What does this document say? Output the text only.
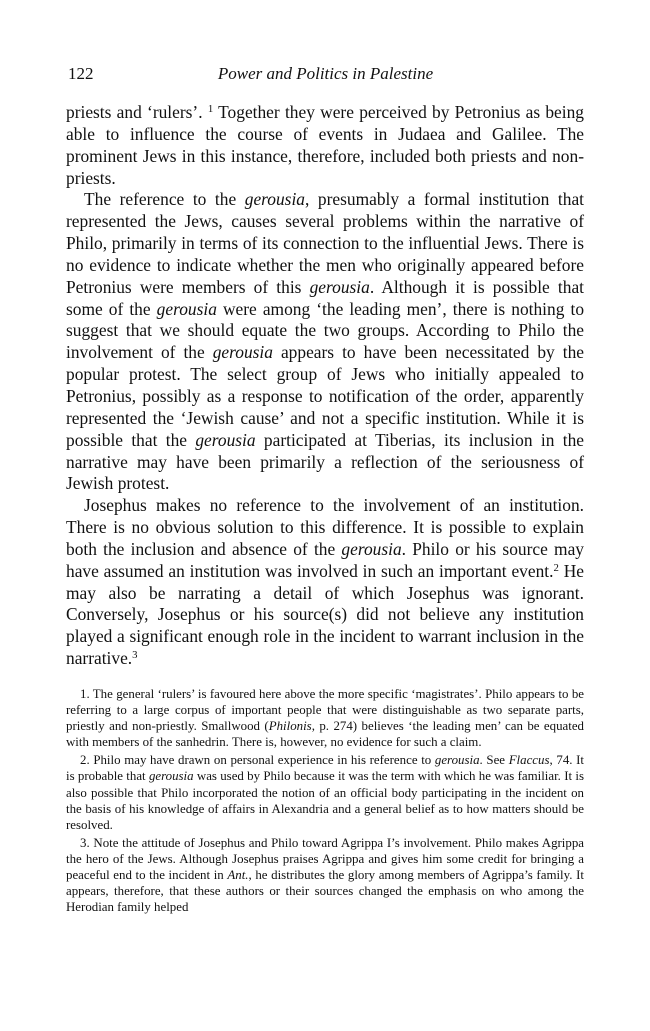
122	Power and Politics in Palestine

priests and ‘rulers’. $^1$ Together they were perceived by Petronius as being able to influence the course of events in Judaea and Galilee. The prominent Jews in this instance, therefore, included both priests and non-priests.

The reference to the gerousia, presumably a formal institution that represented the Jews, causes several problems within the narrative of Philo, primarily in terms of its connection to the influential Jews. There is no evidence to indicate whether the men who originally appeared before Petronius were members of this gerousia. Although it is possible that some of the gerousia were among ‘the leading men’, there is nothing to suggest that we should equate the two groups. According to Philo the involvement of the gerousia appears to have been necessitated by the popular protest. The select group of Jews who initially appealed to Petronius, possibly as a response to notification of the order, apparently represented the ‘Jewish cause’ and not a specific institution. While it is possible that the gerousia participated at Tiberias, its inclusion in the narrative may have been primarily a reflection of the seriousness of Jewish protest.

Josephus makes no reference to the involvement of an institution. There is no obvious solution to this difference. It is possible to explain both the inclusion and absence of the gerousia. Philo or his source may have assumed an institution was involved in such an important event.$^2$ He may also be narrating a detail of which Josephus was ignorant. Conversely, Josephus or his source(s) did not believe any institution played a significant enough role in the incident to warrant inclusion in the narrative.$^3$

1. The general ‘rulers’ is favoured here above the more specific ‘magistrates’. Philo appears to be referring to a large corpus of important people that were distinguishable as two separate parts, priestly and non-priestly. Smallwood (Philonis, p. 274) believes ‘the leading men’ can be equated with members of the sanhedrin. There is, however, no evidence for such a claim.

2. Philo may have drawn on personal experience in his reference to gerousia. See Flaccus, 74. It is probable that gerousia was used by Philo because it was the term with which he was familiar. It is also possible that Philo incorporated the notion of an official body participating in the incident on the basis of his knowledge of affairs in Alexandria and a general belief as to how matters should be resolved.

3. Note the attitude of Josephus and Philo toward Agrippa I’s involvement. Philo makes Agrippa the hero of the Jews. Although Josephus praises Agrippa and gives him some credit for bringing a peaceful end to the incident in Ant., he distributes the glory among members of Agrippa’s family. It appears, therefore, that these authors or their sources changed the emphasis on who among the Herodian family helped
